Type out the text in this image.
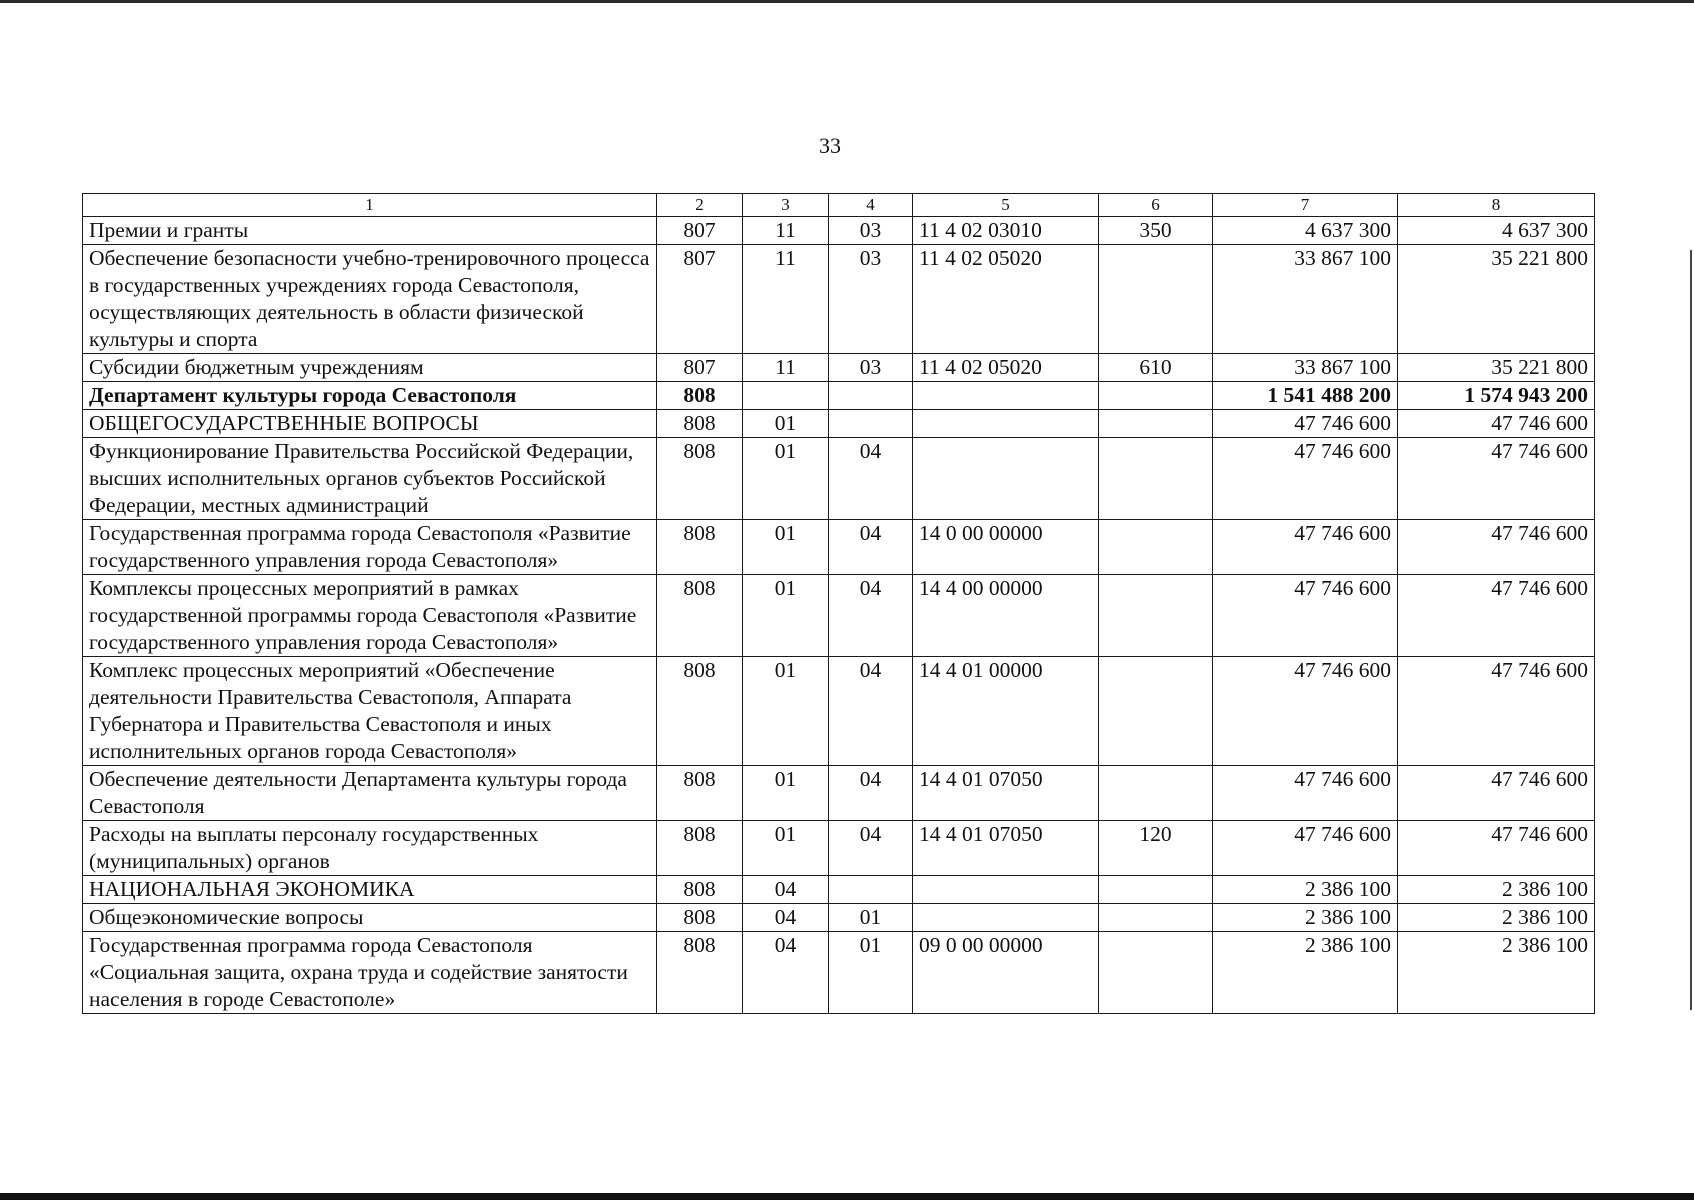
33
1	2	3	4	5	6	7	8
Премии и гранты	807	11	03	11 4 02 03010	350	4 637 300	4 637 300
Обеспечение безопасности учебно-тренировочного процесса в государственных учреждениях города Севастополя, осуществляющих деятельность в области физической культуры и спорта	807	11	03	11 4 02 05020		33 867 100	35 221 800
Субсидии бюджетным учреждениям	807	11	03	11 4 02 05020	610	33 867 100	35 221 800
Департамент культуры города Севастополя	808					1 541 488 200	1 574 943 200
ОБЩЕГОСУДАРСТВЕННЫЕ ВОПРОСЫ	808	01				47 746 600	47 746 600
Функционирование Правительства Российской Федерации, высших исполнительных органов субъектов Российской Федерации, местных администраций	808	01	04			47 746 600	47 746 600
Государственная программа города Севастополя «Развитие государственного управления города Севастополя»	808	01	04	14 0 00 00000		47 746 600	47 746 600
Комплексы процессных мероприятий в рамках государственной программы города Севастополя «Развитие государственного управления города Севастополя»	808	01	04	14 4 00 00000		47 746 600	47 746 600
Комплекс процессных мероприятий «Обеспечение деятельности Правительства Севастополя, Аппарата Губернатора и Правительства Севастополя и иных исполнительных органов города Севастополя»	808	01	04	14 4 01 00000		47 746 600	47 746 600
Обеспечение деятельности Департамента культуры города Севастополя	808	01	04	14 4 01 07050		47 746 600	47 746 600
Расходы на выплаты персоналу государственных (муниципальных) органов	808	01	04	14 4 01 07050	120	47 746 600	47 746 600
НАЦИОНАЛЬНАЯ ЭКОНОМИКА	808	04				2 386 100	2 386 100
Общеэкономические вопросы	808	04	01			2 386 100	2 386 100
Государственная программа города Севастополя «Социальная защита, охрана труда и содействие занятости населения в городе Севастополе»	808	04	01	09 0 00 00000		2 386 100	2 386 100
